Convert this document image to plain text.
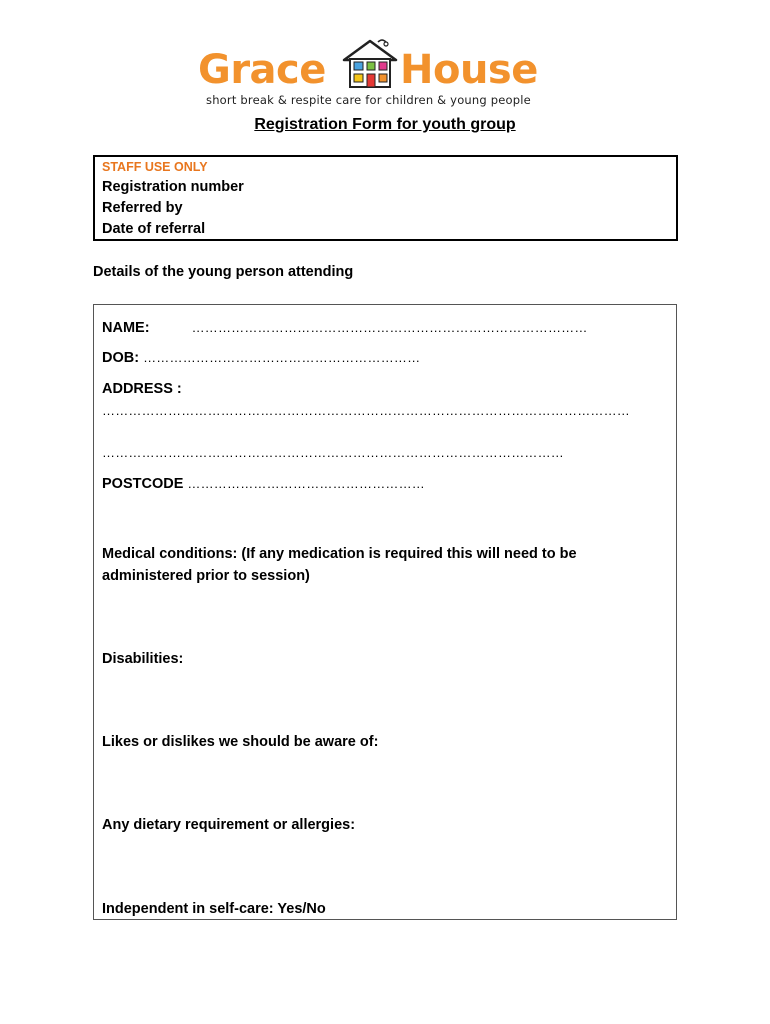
Grace House
short break & respite care for children & young people
Registration Form for youth group
STAFF USE ONLY
Registration number
Referred by
Date of referral
Details of the young person attending
NAME:	………………………………………………………………………………
DOB: ………………………………………………………
ADDRESS :
…………………………………………………………………………………………………………
……………………………………………………………………………………………
POSTCODE ………………………………………………
Medical conditions: (If any medication is required this will need to be
administered prior to session)
Disabilities:
Likes or dislikes we should be aware of:
Any dietary requirement or allergies:
Independent in self-care: Yes/No
